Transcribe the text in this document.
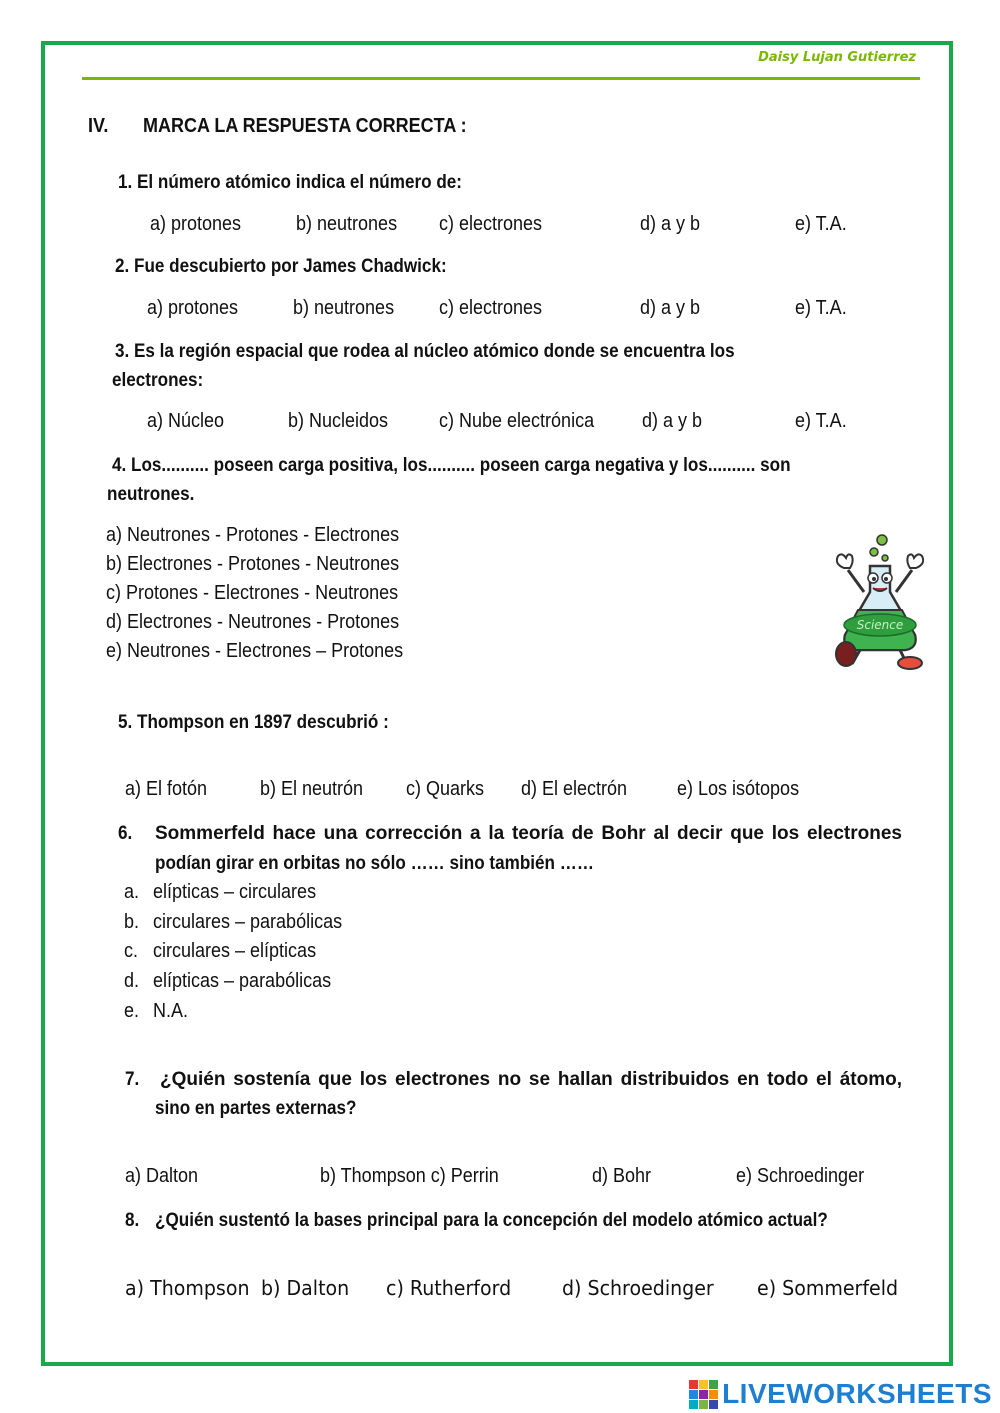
Daisy Lujan Gutierrez
IV. MARCA LA RESPUESTA CORRECTA :
1. El número atómico indica el número de:
a) protones	b) neutrones c) electrones	d) a y b	e) T.A.
2. Fue descubierto por James Chadwick:
a) protones	b) neutrones c) electrones	d) a y b	e) T.A.
3. Es la región espacial que rodea al núcleo atómico donde se encuentra los
electrones:
a) Núcleo	b) Nucleidos	c) Nube electrónica d) a y b	e) T.A.
4. Los.......... poseen carga positiva, los.......... poseen carga negativa y los.......... son
neutrones.
a) Neutrones - Protones - Electrones
b) Electrones - Protones - Neutrones
c) Protones - Electrones - Neutrones
d) Electrones - Neutrones - Protones
e) Neutrones - Electrones – Protones
Science
5. Thompson en 1897 descubrió :
a) El fotón	b) El neutrón c) Quarks d) El electrón e) Los isótopos
6. Sommerfeld hace una corrección a la teoría de Bohr al decir que los electrones
podían girar en orbitas no sólo …… sino también ……
a. elípticas – circulares
b. circulares – parabólicas
c. circulares – elípticas
d. elípticas – parabólicas
e. N.A.
7. ¿Quién sostenía que los electrones no se hallan distribuidos en todo el átomo,
sino en partes externas?
a) Dalton	b) Thompson c) Perrin	d) Bohr	e) Schroedinger
8. ¿Quién sustentó la bases principal para la concepción del modelo atómico actual?
a) Thompson b) Dalton c) Rutherford	d) Schroedinger e) Sommerfeld
LIVEWORKSHEETS
